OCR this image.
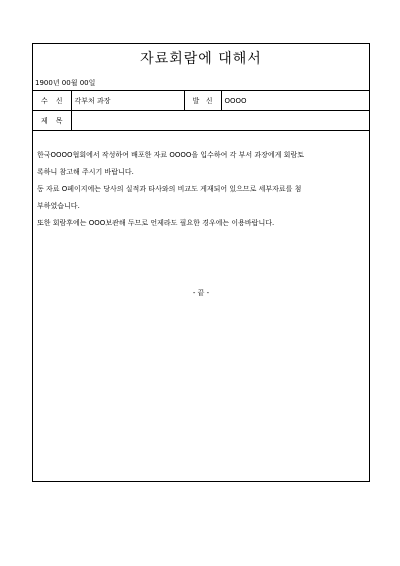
자료회람에 대해서
1900년 00월 00일
수 신	각부처 과장	발 신	OOOO
제 목			

한국OOOO협회에서 작성하여 배포한 자료 OOOO을 입수하여 각 부서 과장에게 회람토

록하니 참고해 주시기 바랍니다.

동 자료 O페이지에는 당사의 실적과 타사와의 비교도 게재되어 있으므로 세부자료를 첨

부하였습니다.

또한 회람후에는 OOO보관해 두므로 언제라도 필요한 경우에는 이용바랍니다.

- 끝 -
